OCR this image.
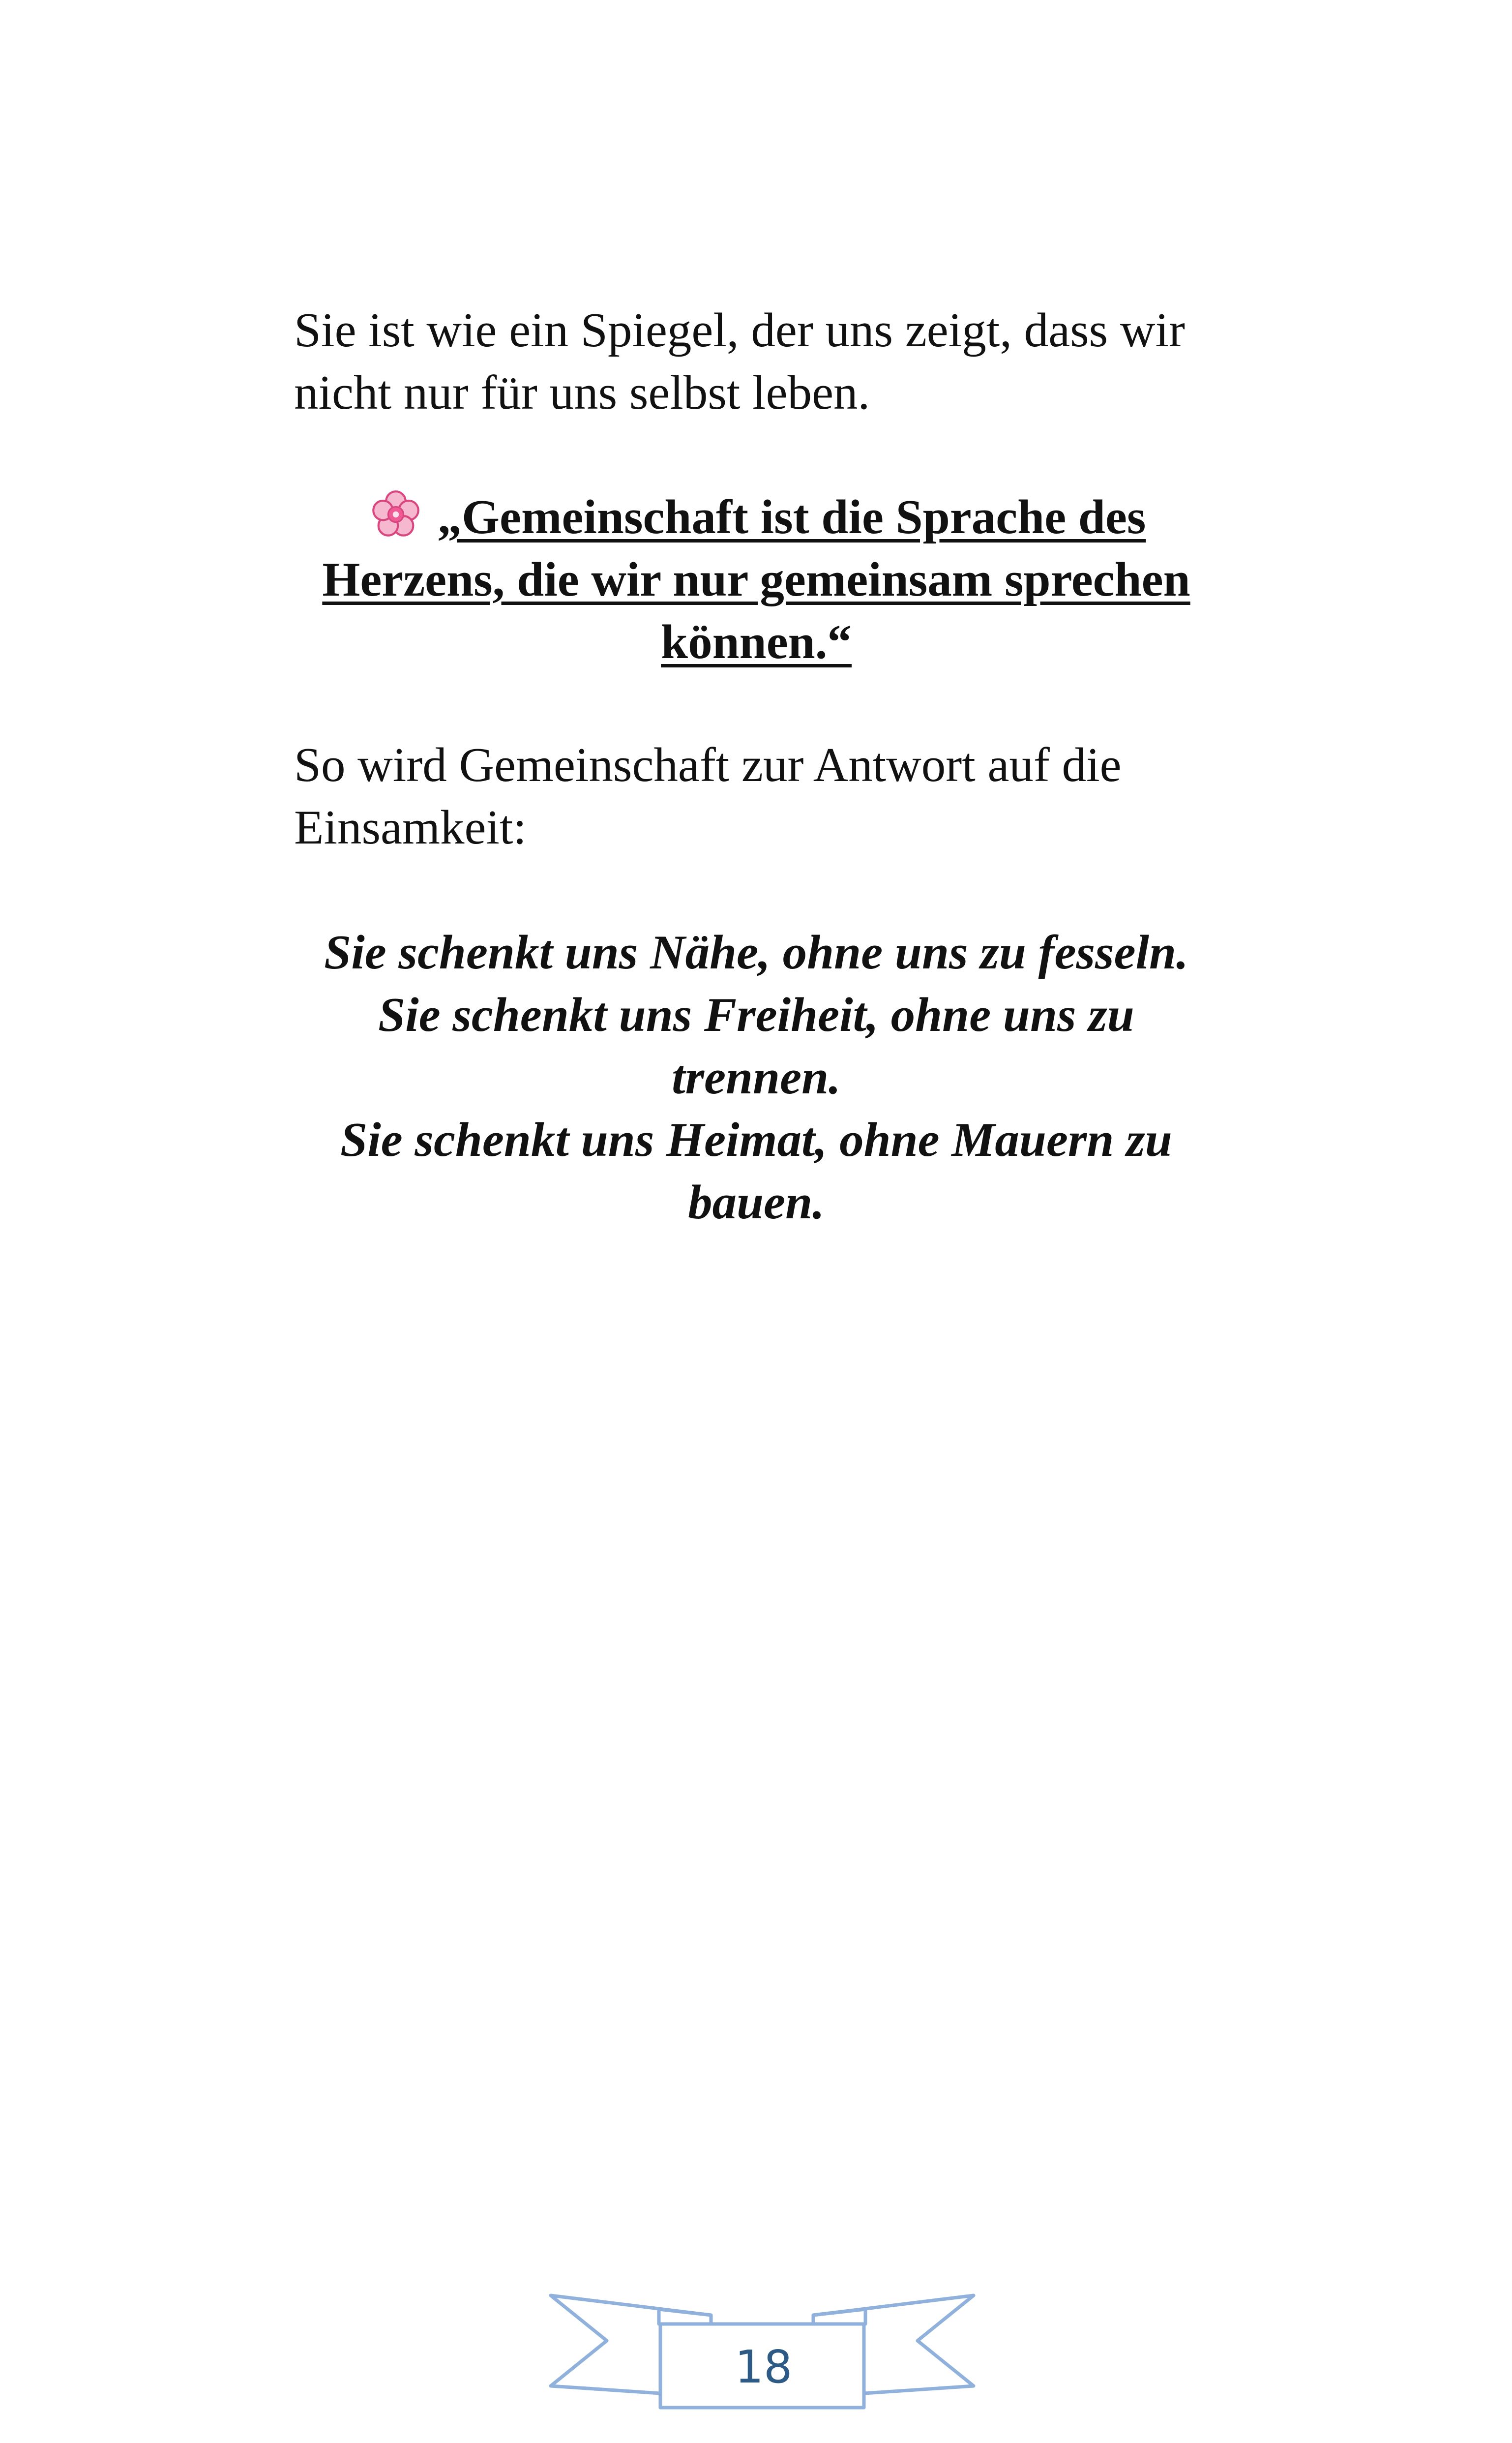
Sie ist wie ein Spiegel, der uns zeigt, dass wir nicht nur für uns selbst leben.

„Gemeinschaft ist die Sprache des Herzens, die wir nur gemeinsam sprechen können.“

So wird Gemeinschaft zur Antwort auf die Einsamkeit:

Sie schenkt uns Nähe, ohne uns zu fesseln.
Sie schenkt uns Freiheit, ohne uns zu trennen.
Sie schenkt uns Heimat, ohne Mauern zu bauen.

18
